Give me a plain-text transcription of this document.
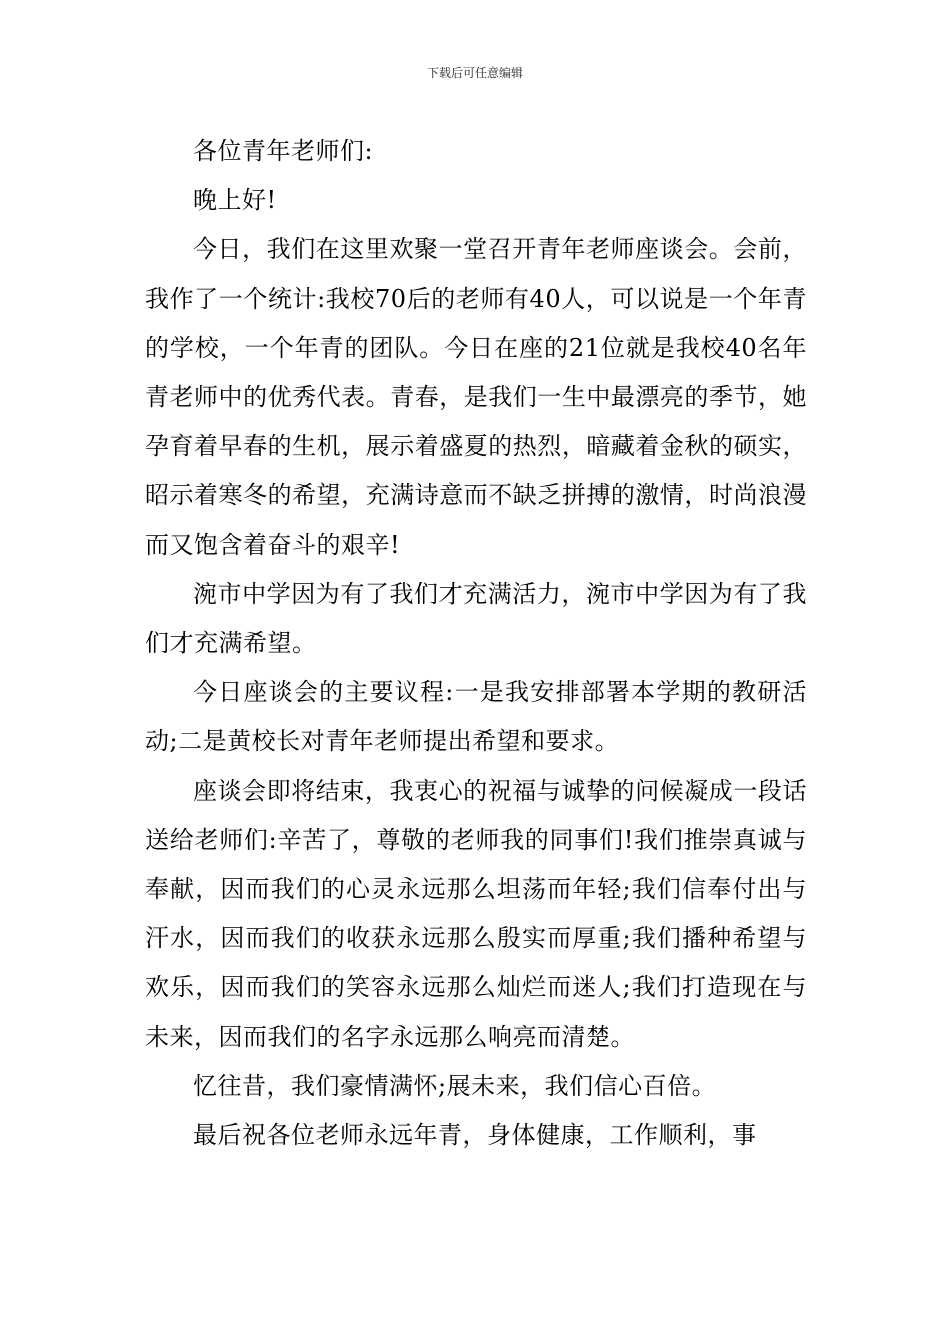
下载后可任意编辑

各位青年老师们:

晚上好!

今日，我们在这里欢聚一堂召开青年老师座谈会。会前，我作了一个统计:我校70后的老师有40人，可以说是一个年青的学校，一个年青的团队。今日在座的21位就是我校40名年青老师中的优秀代表。青春，是我们一生中最漂亮的季节，她孕育着早春的生机，展示着盛夏的热烈，暗藏着金秋的硕实，昭示着寒冬的希望，充满诗意而不缺乏拼搏的激情，时尚浪漫而又饱含着奋斗的艰辛!

涴市中学因为有了我们才充满活力，涴市中学因为有了我们才充满希望。

今日座谈会的主要议程:一是我安排部署本学期的教研活动;二是黄校长对青年老师提出希望和要求。

座谈会即将结束，我衷心的祝福与诚挚的问候凝成一段话送给老师们:辛苦了，尊敬的老师我的同事们!我们推崇真诚与奉献，因而我们的心灵永远那么坦荡而年轻;我们信奉付出与汗水，因而我们的收获永远那么殷实而厚重;我们播种希望与欢乐，因而我们的笑容永远那么灿烂而迷人;我们打造现在与未来，因而我们的名字永远那么响亮而清楚。

忆往昔，我们豪情满怀;展未来，我们信心百倍。

最后祝各位老师永远年青，身体健康，工作顺利，事
